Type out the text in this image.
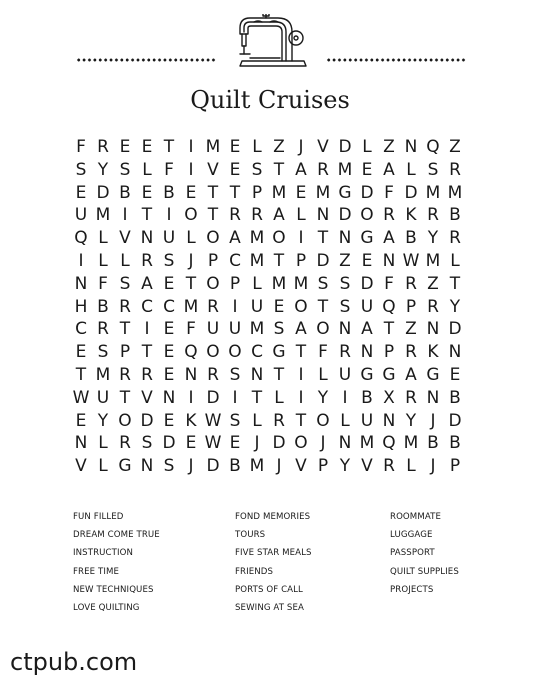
Quilt Cruises
F R E E T I M E L Z J V D L Z N Q Z
S Y S L F I V E S T A R M E A L S R
E D B E B E T T P M E M G D F D M M
U M I T I O T R R A L N D O R K R B
Q L V N U L O A M O I T N G A B Y R
I L L R S J P C M T P D Z E N W M L
N F S A E T O P L M M S S D F R Z T
H B R C C M R I U E O T S U Q P R Y
C R T I E F U U M S A O N A T Z N D
E S P T E Q O O C G T F R N P R K N
T M R R E N R S N T I L U G G A G E
W U T V N I D I T L I Y I B X R N B
E Y O D E K W S L R T O L U N Y J D
N L R S D E W E J D O J N M Q M B B
V L G N S J D B M J V P Y V R L J P
FUN FILLED
DREAM COME TRUE
INSTRUCTION
FREE TIME
NEW TECHNIQUES
LOVE QUILTING
FOND MEMORIES
TOURS
FIVE STAR MEALS
FRIENDS
PORTS OF CALL
SEWING AT SEA
ROOMMATE
LUGGAGE
PASSPORT
QUILT SUPPLIES
PROJECTS
ctpub.com
